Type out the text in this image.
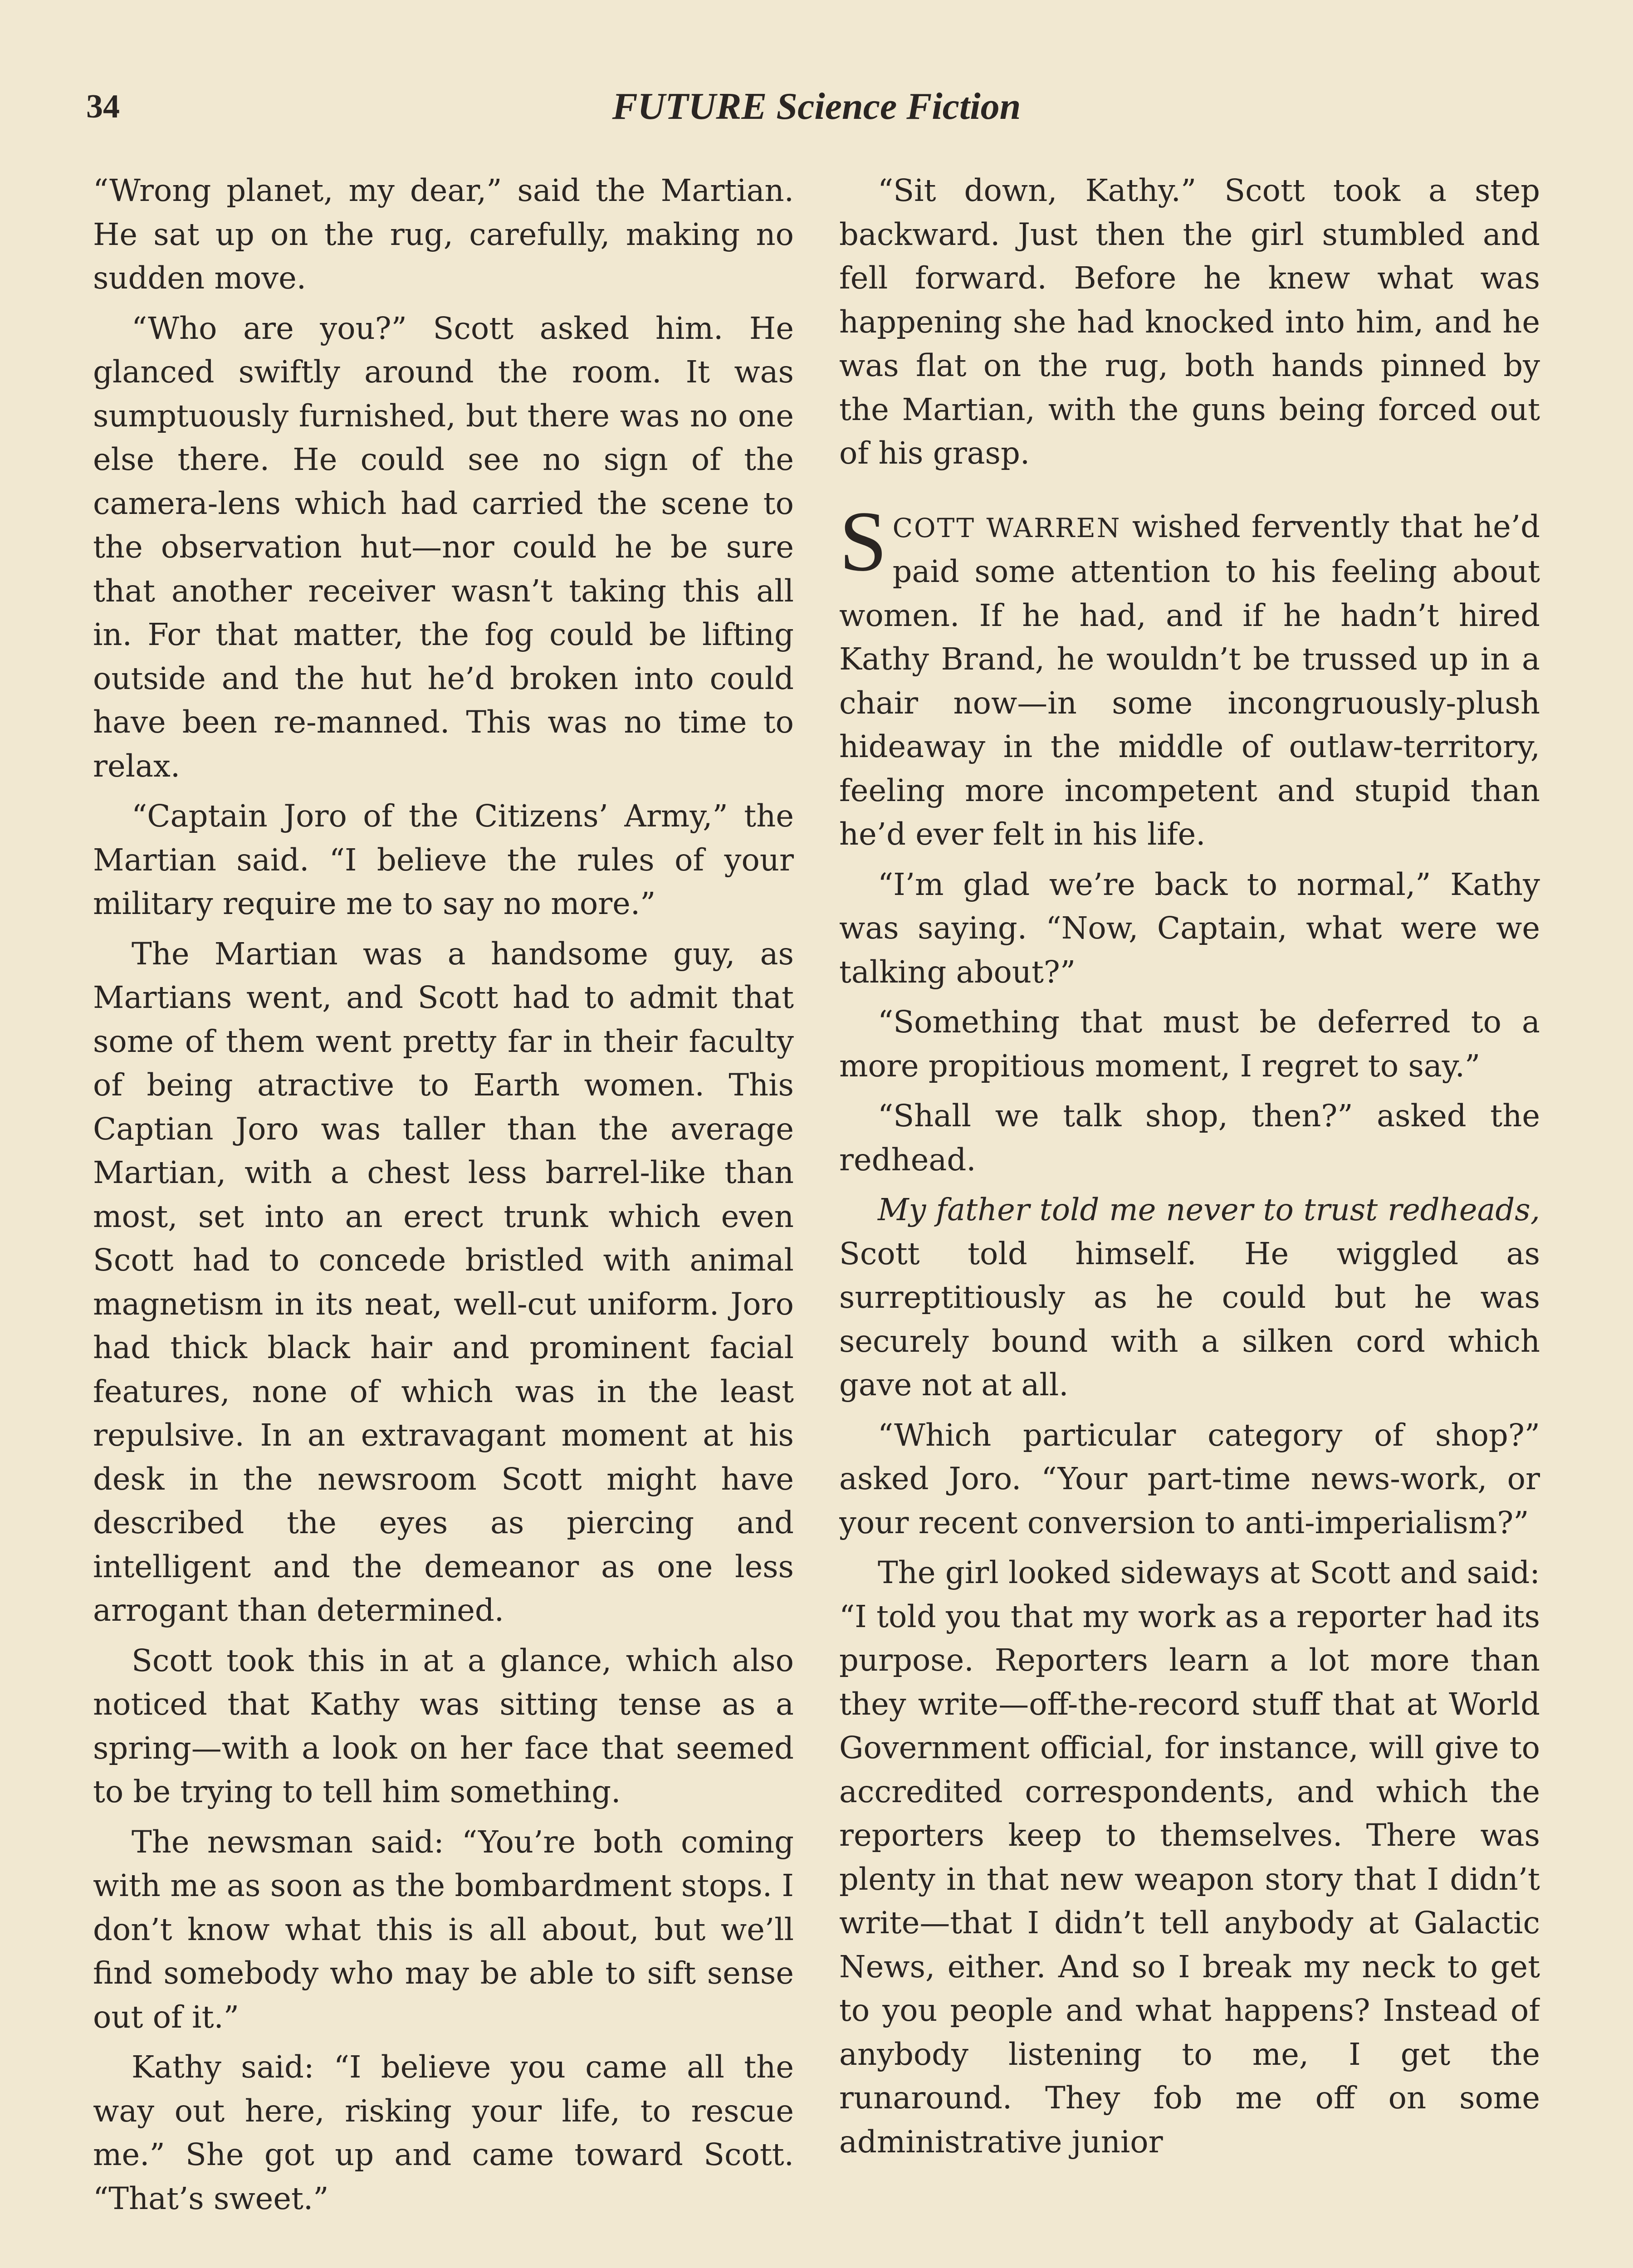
34	FUTURE Science Fiction

“Wrong planet, my dear,” said the Martian. He sat up on the rug, carefully, making no sudden move.

“Who are you?” Scott asked him. He glanced swiftly around the room. It was sumptuously furnished, but there was no one else there. He could see no sign of the camera-lens which had carried the scene to the observation hut—nor could he be sure that another receiver wasn’t taking this all in. For that matter, the fog could be lifting outside and the hut he’d broken into could have been re-manned. This was no time to relax.

“Captain Joro of the Citizens’ Army,” the Martian said. “I believe the rules of your military require me to say no more.”

The Martian was a handsome guy, as Martians went, and Scott had to admit that some of them went pretty far in their faculty of being atractive to Earth women. This Captian Joro was taller than the average Martian, with a chest less barrel-like than most, set into an erect trunk which even Scott had to concede bristled with animal magnetism in its neat, well-cut uniform. Joro had thick black hair and prominent facial features, none of which was in the least repulsive. In an extravagant moment at his desk in the newsroom Scott might have described the eyes as piercing and intelligent and the demeanor as one less arrogant than determined.

Scott took this in at a glance, which also noticed that Kathy was sitting tense as a spring—with a look on her face that seemed to be trying to tell him something.

The newsman said: “You’re both coming with me as soon as the bombardment stops. I don’t know what this is all about, but we’ll find somebody who may be able to sift sense out of it.”

Kathy said: “I believe you came all the way out here, risking your life, to rescue me.” She got up and came toward Scott. “That’s sweet.”

“Sit down, Kathy.” Scott took a step backward. Just then the girl stumbled and fell forward. Before he knew what was happening she had knocked into him, and he was flat on the rug, both hands pinned by the Martian, with the guns being forced out of his grasp.

SCOTT WARREN wished fervently that he’d paid some attention to his feeling about women. If he had, and if he hadn’t hired Kathy Brand, he wouldn’t be trussed up in a chair now—in some incongruously-plush hideaway in the middle of outlaw-territory, feeling more incompetent and stupid than he’d ever felt in his life.

“I’m glad we’re back to normal,” Kathy was saying. “Now, Captain, what were we talking about?”

“Something that must be deferred to a more propitious moment, I regret to say.”

“Shall we talk shop, then?” asked the redhead.

My father told me never to trust redheads, Scott told himself. He wiggled as surreptitiously as he could but he was securely bound with a silken cord which gave not at all.

“Which particular category of shop?” asked Joro. “Your part-time news-work, or your recent conversion to anti-imperialism?”

The girl looked sideways at Scott and said: “I told you that my work as a reporter had its purpose. Reporters learn a lot more than they write—off-the-record stuff that at World Government official, for instance, will give to accredited correspondents, and which the reporters keep to themselves. There was plenty in that new weapon story that I didn’t write—that I didn’t tell anybody at Galactic News, either. And so I break my neck to get to you people and what happens? Instead of anybody listening to me, I get the runaround. They fob me off on some administrative junior
